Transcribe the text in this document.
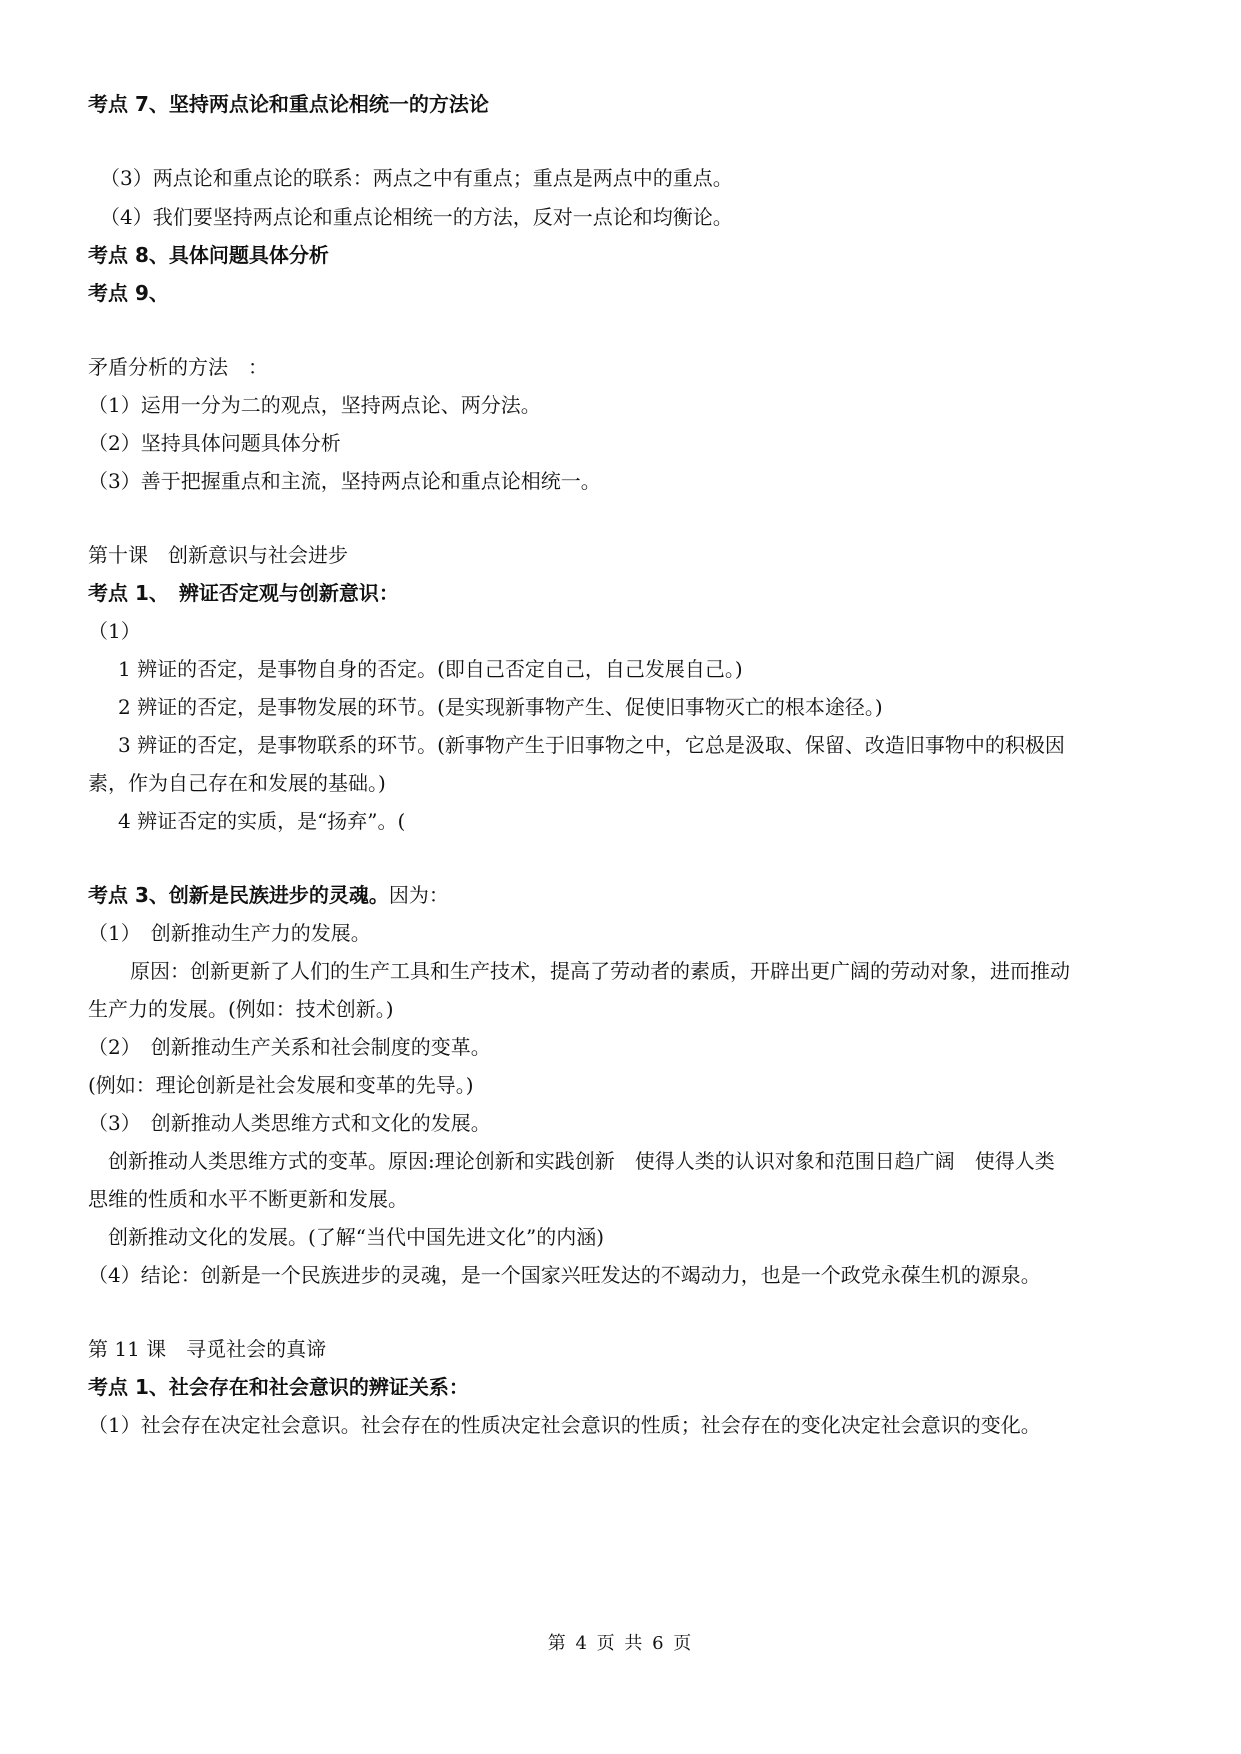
考点 7、坚持两点论和重点论相统一的方法论
（3）两点论和重点论的联系：两点之中有重点；重点是两点中的重点。
（4）我们要坚持两点论和重点论相统一的方法，反对一点论和均衡论。
考点 8、具体问题具体分析
考点 9、
矛盾分析的方法　：
（1）运用一分为二的观点，坚持两点论、两分法。
（2）坚持具体问题具体分析
（3）善于把握重点和主流，坚持两点论和重点论相统一。
第十课　创新意识与社会进步
考点 1、　辨证否定观与创新意识：
（1）
1 辨证的否定，是事物自身的否定。(即自己否定自己，自己发展自己。)
2 辨证的否定，是事物发展的环节。(是实现新事物产生、促使旧事物灭亡的根本途径。)
3 辨证的否定，是事物联系的环节。(新事物产生于旧事物之中，它总是汲取、保留、改造旧事物中的积极因
素，作为自己存在和发展的基础。)
4 辨证否定的实质，是“扬弃”。(
考点 3、创新是民族进步的灵魂。因为：
（1）　创新推动生产力的发展。
原因：创新更新了人们的生产工具和生产技术，提高了劳动者的素质，开辟出更广阔的劳动对象，进而推动
生产力的发展。(例如：技术创新。)
（2）　创新推动生产关系和社会制度的变革。
(例如：理论创新是社会发展和变革的先导。)
（3）　创新推动人类思维方式和文化的发展。
创新推动人类思维方式的变革。原因:理论创新和实践创新　使得人类的认识对象和范围日趋广阔　使得人类
思维的性质和水平不断更新和发展。
创新推动文化的发展。(了解“当代中国先进文化”的内涵)
（4）结论：创新是一个民族进步的灵魂，是一个国家兴旺发达的不竭动力，也是一个政党永葆生机的源泉。
第 11 课　寻觅社会的真谛
考点 1、社会存在和社会意识的辨证关系：
（1）社会存在决定社会意识。社会存在的性质决定社会意识的性质；社会存在的变化决定社会意识的变化。
第 4 页 共 6 页
